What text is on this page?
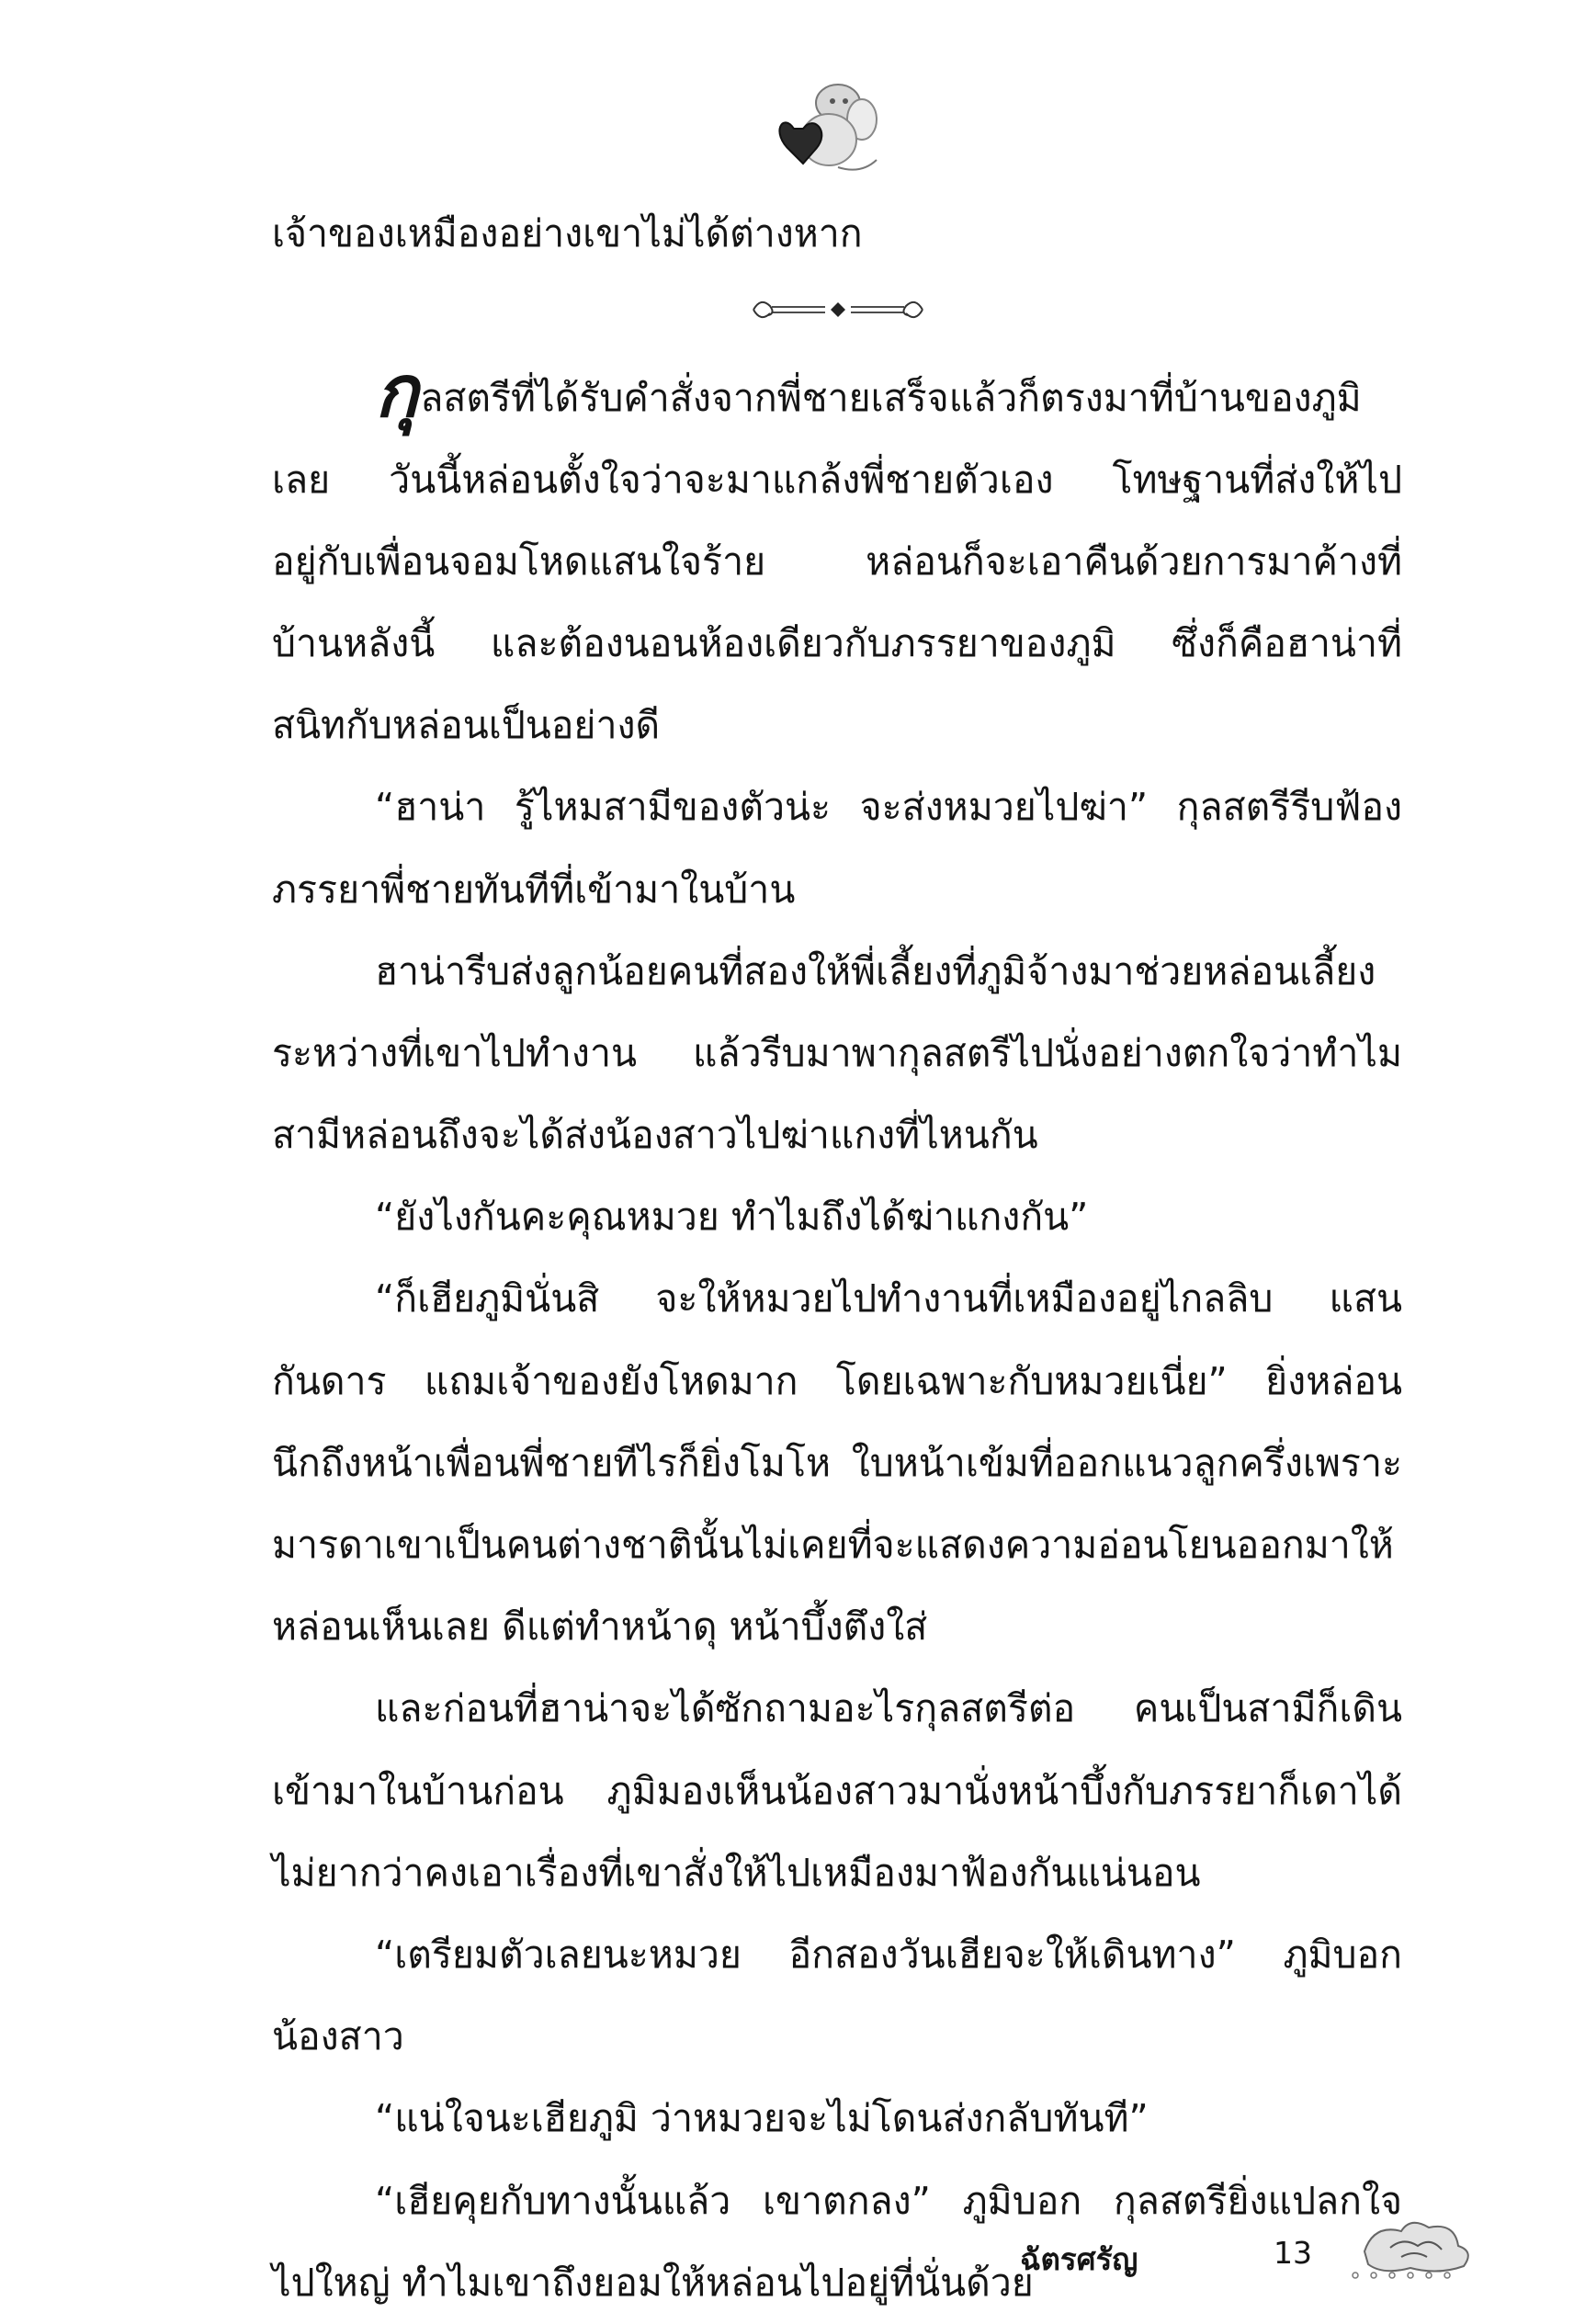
เจ้าของเหมืองอย่างเขาไม่ได้ต่างหาก
กุลสตรีที่ได้รับคำสั่งจากพี่ชายเสร็จแล้วก็ตรงมาที่บ้านของภูมิ
เลย วันนี้หล่อนตั้งใจว่าจะมาแกล้งพี่ชายตัวเอง โทษฐานที่ส่งให้ไป
อยู่กับเพื่อนจอมโหดแสนใจร้าย หล่อนก็จะเอาคืนด้วยการมาค้างที่
บ้านหลังนี้ และต้องนอนห้องเดียวกับภรรยาของภูมิ ซึ่งก็คือฮาน่าที่
สนิทกับหล่อนเป็นอย่างดี
“ฮาน่า รู้ไหมสามีของตัวน่ะ จะส่งหมวยไปฆ่า” กุลสตรีรีบฟ้อง
ภรรยาพี่ชายทันทีที่เข้ามาในบ้าน
ฮาน่ารีบส่งลูกน้อยคนที่สองให้พี่เลี้ยงที่ภูมิจ้างมาช่วยหล่อนเลี้ยง
ระหว่างที่เขาไปทำงาน แล้วรีบมาพากุลสตรีไปนั่งอย่างตกใจว่าทำไม
สามีหล่อนถึงจะได้ส่งน้องสาวไปฆ่าแกงที่ไหนกัน
“ยังไงกันคะคุณหมวย ทำไมถึงได้ฆ่าแกงกัน”
“ก็เฮียภูมินั่นสิ จะให้หมวยไปทำงานที่เหมืองอยู่ไกลลิบ แสน
กันดาร แถมเจ้าของยังโหดมาก โดยเฉพาะกับหมวยเนี่ย” ยิ่งหล่อน
นึกถึงหน้าเพื่อนพี่ชายทีไรก็ยิ่งโมโห ใบหน้าเข้มที่ออกแนวลูกครึ่งเพราะ
มารดาเขาเป็นคนต่างชาตินั้นไม่เคยที่จะแสดงความอ่อนโยนออกมาให้
หล่อนเห็นเลย ดีแต่ทำหน้าดุ หน้าบึ้งตึงใส่
และก่อนที่ฮาน่าจะได้ซักถามอะไรกุลสตรีต่อ คนเป็นสามีก็เดิน
เข้ามาในบ้านก่อน ภูมิมองเห็นน้องสาวมานั่งหน้าบึ้งกับภรรยาก็เดาได้
ไม่ยากว่าคงเอาเรื่องที่เขาสั่งให้ไปเหมืองมาฟ้องกันแน่นอน
“เตรียมตัวเลยนะหมวย อีกสองวันเฮียจะให้เดินทาง” ภูมิบอก
น้องสาว
“แน่ใจนะเฮียภูมิ ว่าหมวยจะไม่โดนส่งกลับทันที”
“เฮียคุยกับทางนั้นแล้ว เขาตกลง” ภูมิบอก กุลสตรียิ่งแปลกใจ
ไปใหญ่ ทำไมเขาถึงยอมให้หล่อนไปอยู่ที่นั่นด้วย
ฉัตรศรัญ	13
